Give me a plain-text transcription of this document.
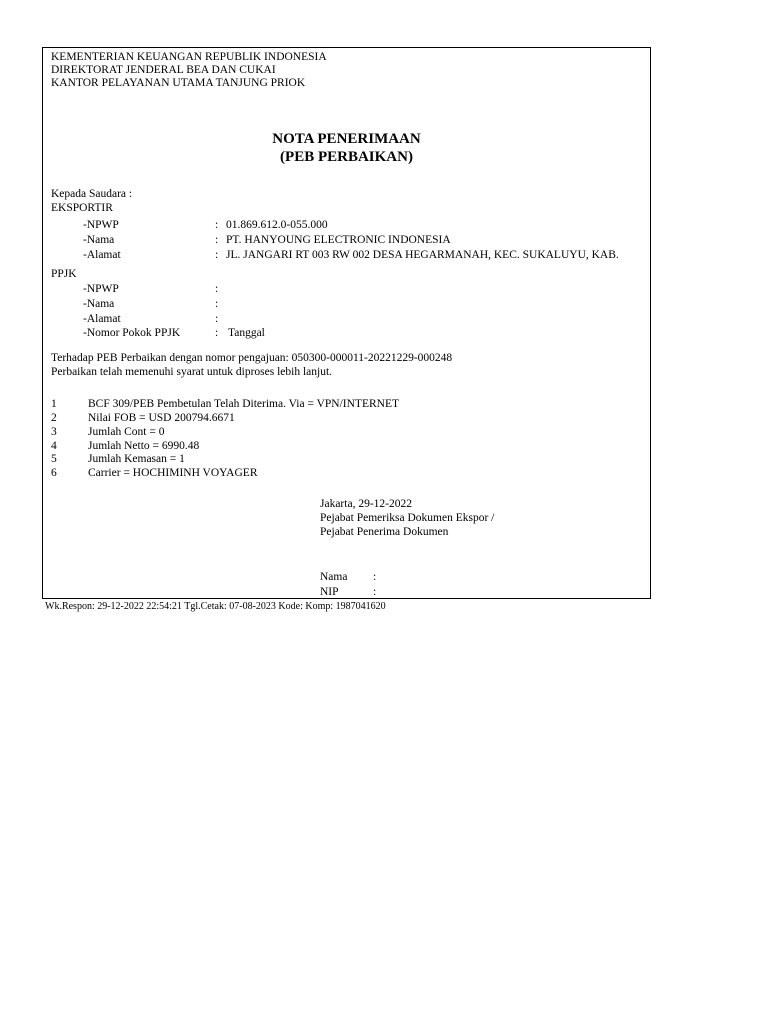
KEMENTERIAN KEUANGAN REPUBLIK INDONESIA
DIREKTORAT JENDERAL BEA DAN CUKAI
KANTOR PELAYANAN UTAMA TANJUNG PRIOK
NOTA PENERIMAAN
(PEB PERBAIKAN)
Kepada Saudara :
EKSPORTIR
-NPWP	: 01.869.612.0-055.000
-Nama	: PT. HANYOUNG ELECTRONIC INDONESIA
-Alamat	: JL. JANGARI RT 003 RW 002 DESA HEGARMANAH, KEC. SUKALUYU, KAB.
PPJK
-NPWP	:
-Nama	:
-Alamat	:
-Nomor Pokok PPJK	: Tanggal
Terhadap PEB Perbaikan dengan nomor pengajuan: 050300-000011-20221229-000248
Perbaikan telah memenuhi syarat untuk diproses lebih lanjut.
1	BCF 309/PEB Pembetulan Telah Diterima. Via = VPN/INTERNET
2	Nilai FOB = USD 200794.6671
3	Jumlah Cont = 0
4	Jumlah Netto = 6990.48
5	Jumlah Kemasan = 1
6	Carrier = HOCHIMINH VOYAGER
Jakarta, 29-12-2022
Pejabat Pemeriksa Dokumen Ekspor /
Pejabat Penerima Dokumen
Nama :
NIP	:
Wk.Respon: 29-12-2022 22:54:21 Tgl.Cetak: 07-08-2023 Kode: Komp: 1987041620
